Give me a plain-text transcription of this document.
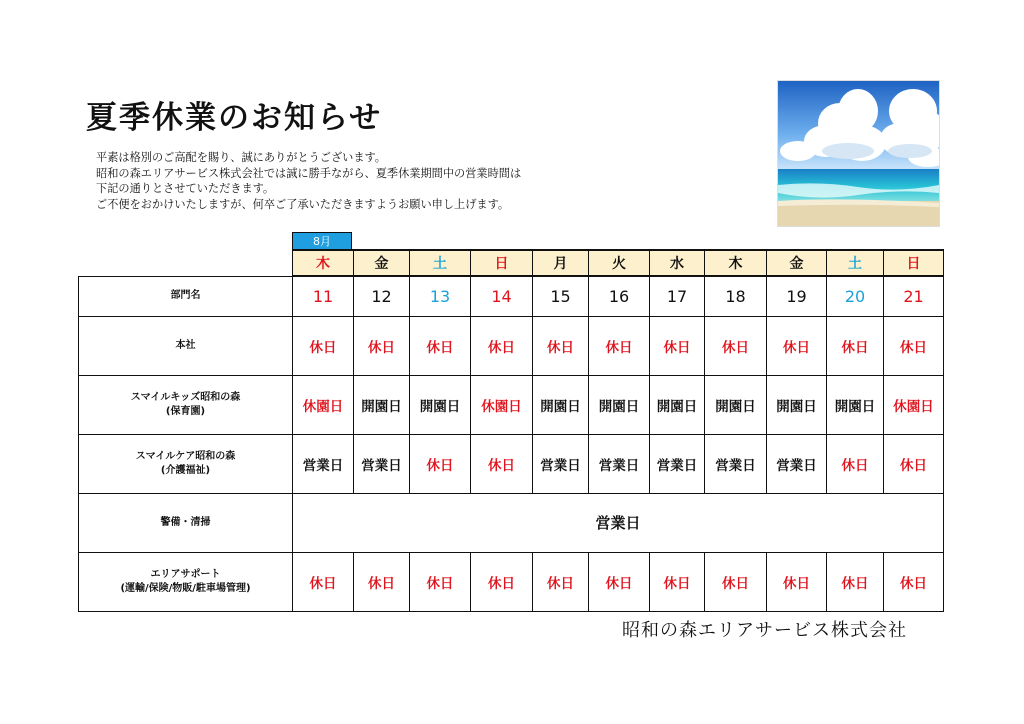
夏季休業のお知らせ
平素は格別のご高配を賜り、誠にありがとうございます。
昭和の森エリアサービス株式会社では誠に勝手ながら、夏季休業期間中の営業時間は
下記の通りとさせていただきます。
ご不便をおかけいたしますが、何卒ご了承いただきますようお願い申し上げます。
8月
	木	金	土	日	月	火	水	木	金	土	日
部門名	11	12	13	14	15	16	17	18	19	20	21

本社	休日	休日	休日	休日	休日	休日	休日	休日	休日	休日	休日

スマイルキッズ昭和の森
(保育園)	休園日	開園日	開園日	休園日	開園日	開園日	開園日	開園日	開園日	開園日	休園日

スマイルケア昭和の森
(介護福祉)	営業日	営業日	休日	休日	営業日	営業日	営業日	営業日	営業日	休日	休日

警備・清掃	営業日										

エリアサポート
(運輸/保険/物販/駐車場管理)	休日	休日	休日	休日	休日	休日	休日	休日	休日	休日	休日
昭和の森エリアサービス株式会社
